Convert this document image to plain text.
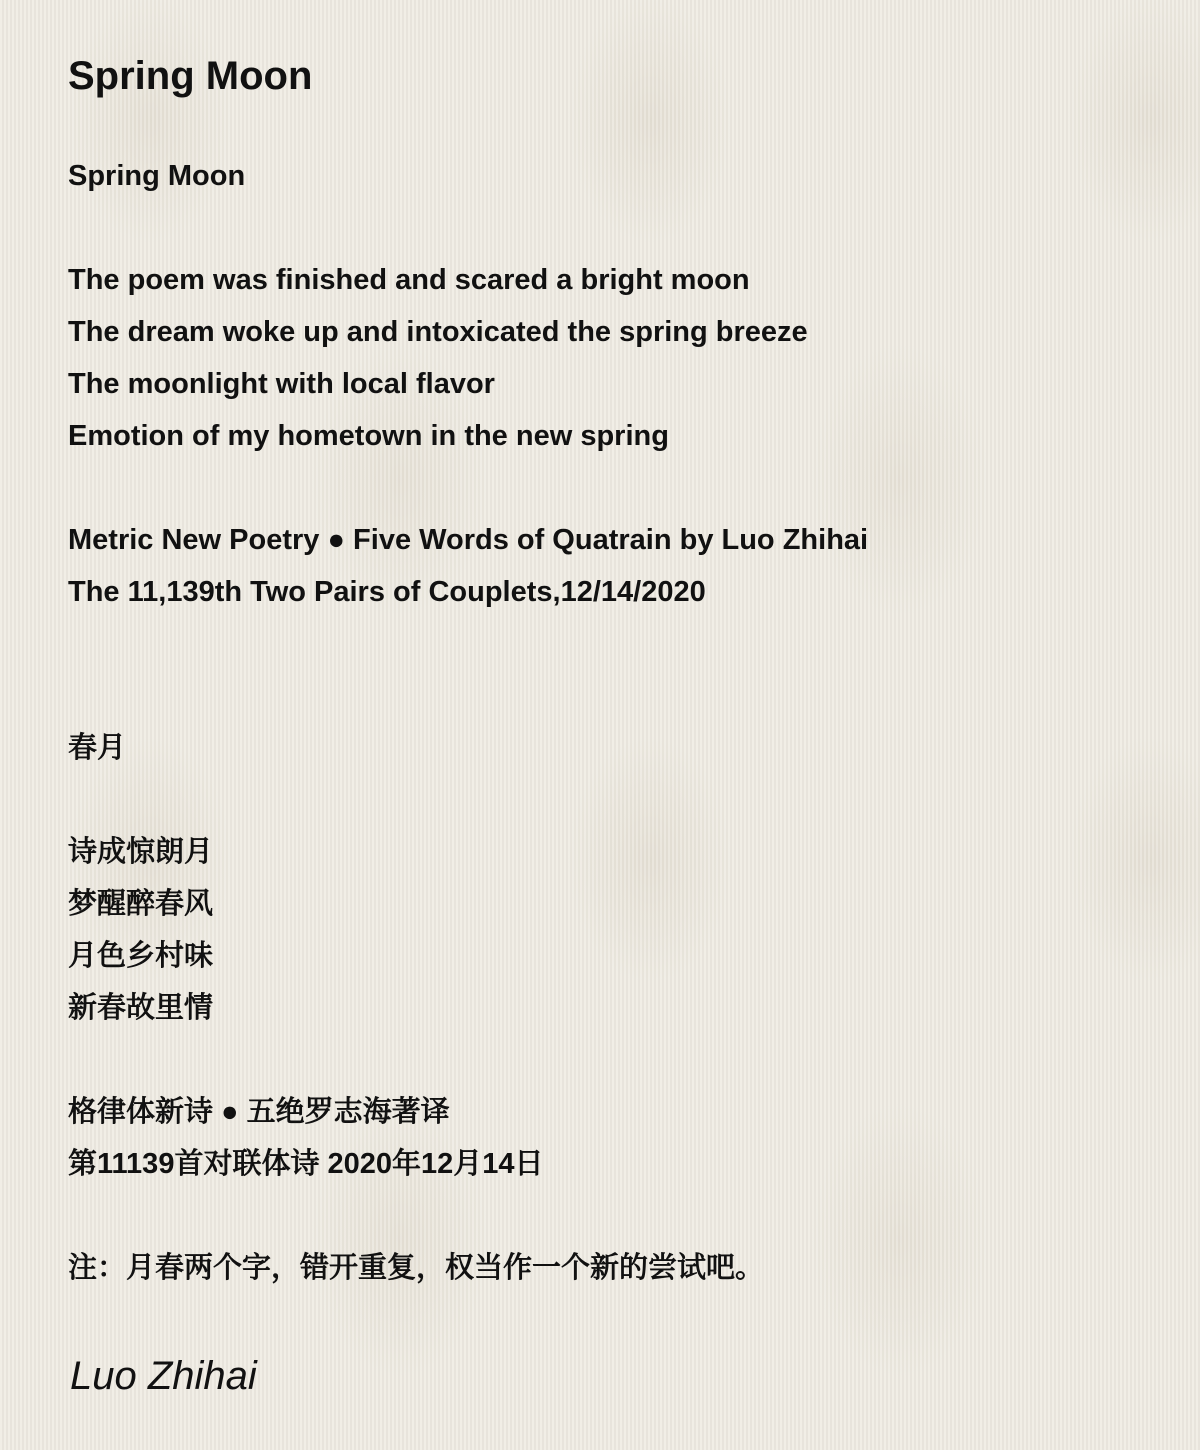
Spring Moon
Spring Moon
The poem was finished and scared a bright moon
The dream woke up and intoxicated the spring breeze
The moonlight with local flavor
Emotion of my hometown in the new spring
Metric New Poetry ● Five Words of Quatrain by Luo Zhihai
The 11,139th Two Pairs of Couplets,12/14/2020
春月
诗成惊朗月
梦醒醉春风
月色乡村味
新春故里情
格律体新诗 ● 五绝罗志海著译
第11139首对联体诗 2020年12月14日
注：月春两个字，错开重复，权当作一个新的尝试吧。
Luo Zhihai
